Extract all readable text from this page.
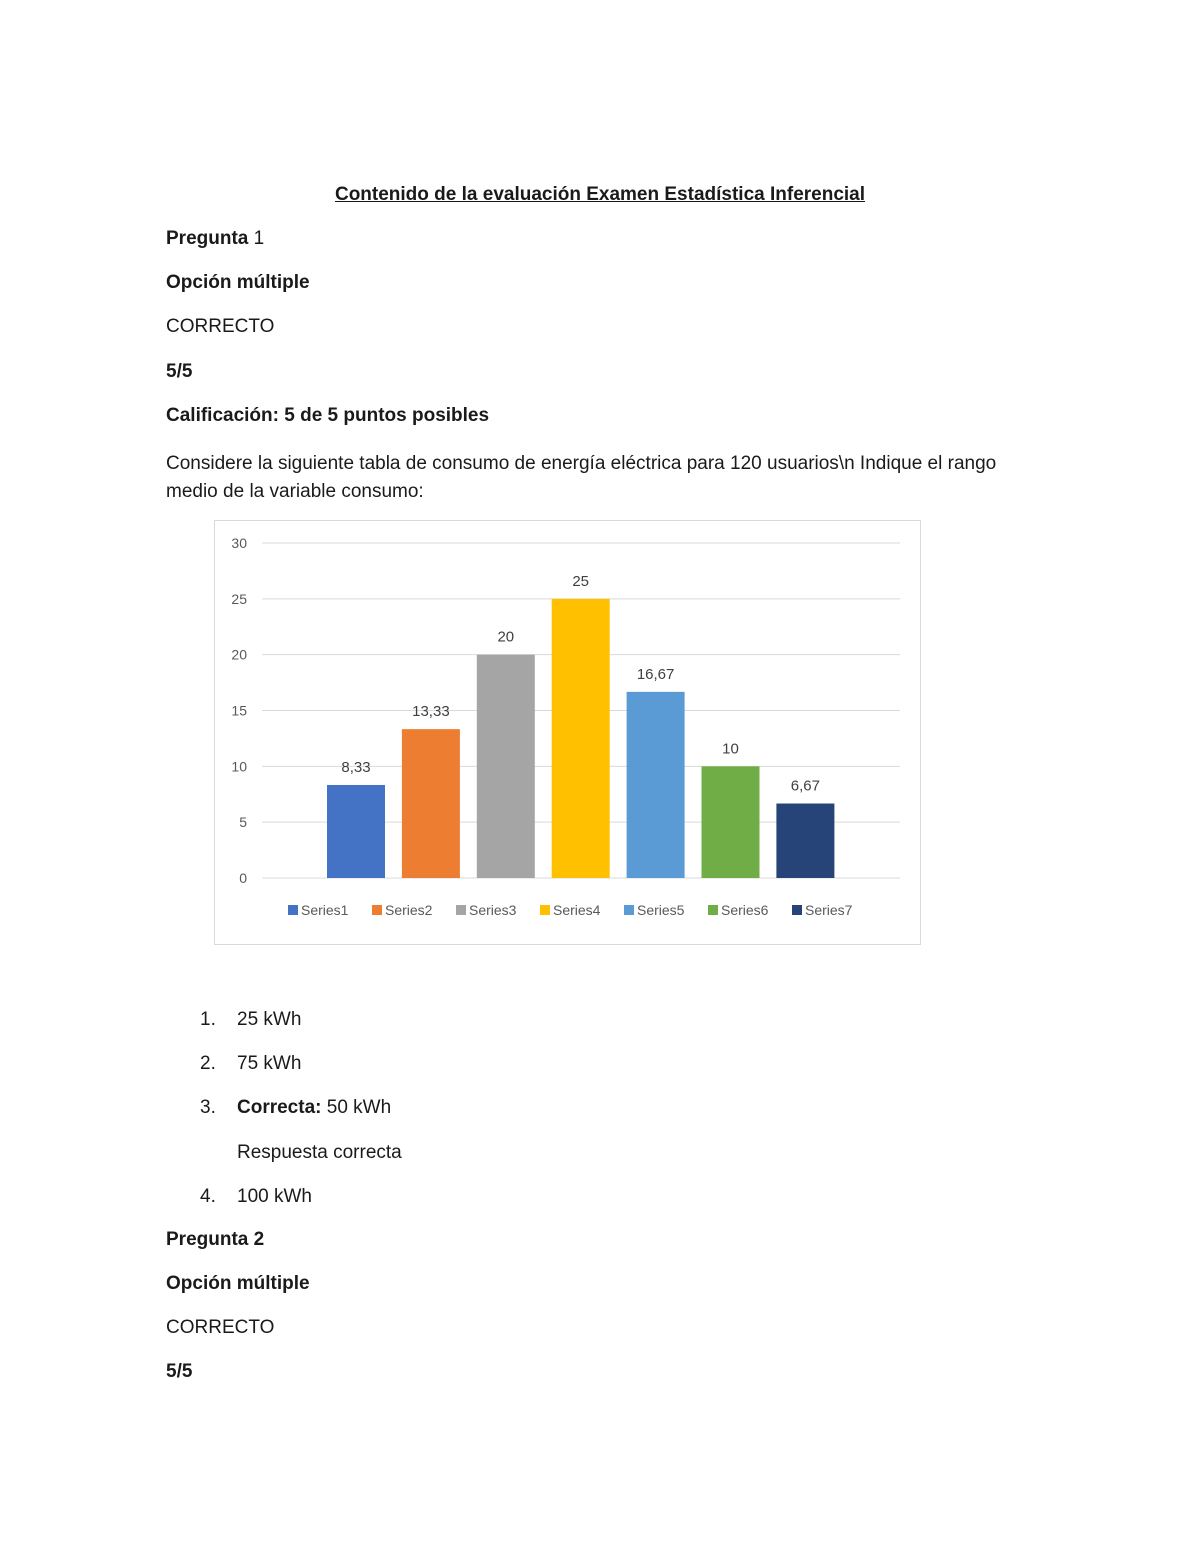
Contenido de la evaluación Examen Estadística Inferencial
Pregunta 1
Opción múltiple
CORRECTO
5/5
Calificación: 5 de 5 puntos posibles
Considere la siguiente tabla de consumo de energía eléctrica para 120 usuarios\n Indique el rango medio de la variable consumo:
0
5
10
15
20
25
30
8,33
13,33
20
25
16,67
10
6,67
Series1	Series2	Series3	Series4	Series5	Series6	Series7
1. 25 kWh
2. 75 kWh
3. Correcta: 50 kWh
Respuesta correcta
4. 100 kWh
Pregunta 2
Opción múltiple
CORRECTO
5/5
